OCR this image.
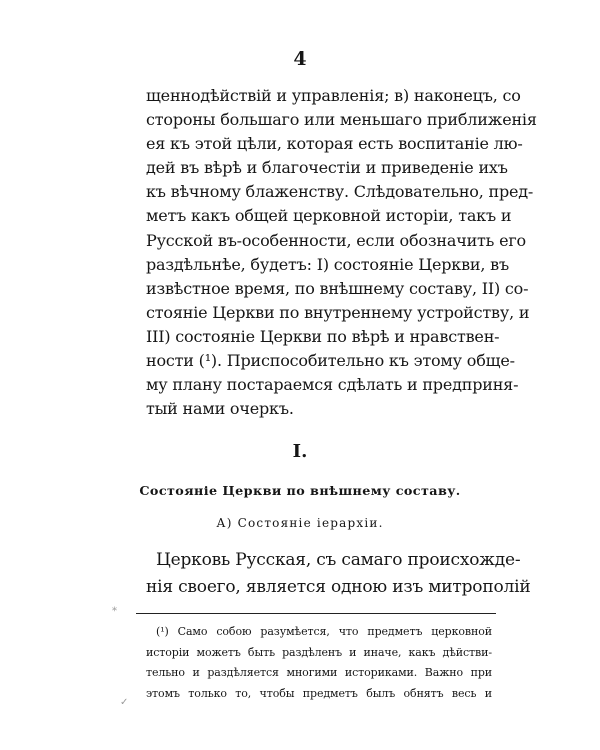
4
щеннодѣйствій и управленія; в) наконецъ, со
стороны большаго или меньшаго приближенія
ея къ этой цѣли, которая есть воспитаніе лю-
дей въ вѣрѣ и благочестіи и приведеніе ихъ
къ вѣчному блаженству. Слѣдовательно, пред-
метъ какъ общей церковной исторіи, такъ и
Русской въ-особенности, если обозначить его
раздѣльнѣе, будетъ: I) состояніе Церкви, въ
извѣстное время, по внѣшнему составу, II) со-
стояніе Церкви по внутреннему устройству, и
III) состояніе Церкви по вѣрѣ и нравствен-
ности (¹). Приспособительно къ этому обще-
му плану постараемся сдѣлать и предприня-
тый нами очеркъ.
I.
Состояніе Церкви по внѣшнему составу.
А) Состояніе іерархіи.
Церковь Русская, съ самаго происхожде-
нія своего, является одною изъ митрополій
(¹) Само собою разумѣется, что предметъ церковной
исторіи можетъ быть раздѣленъ и иначе, какъ дѣйстви-
тельно и раздѣляется многими историками. Важно при
этомъ только то, чтобы предметъ былъ обнятъ весь и
*
✓
